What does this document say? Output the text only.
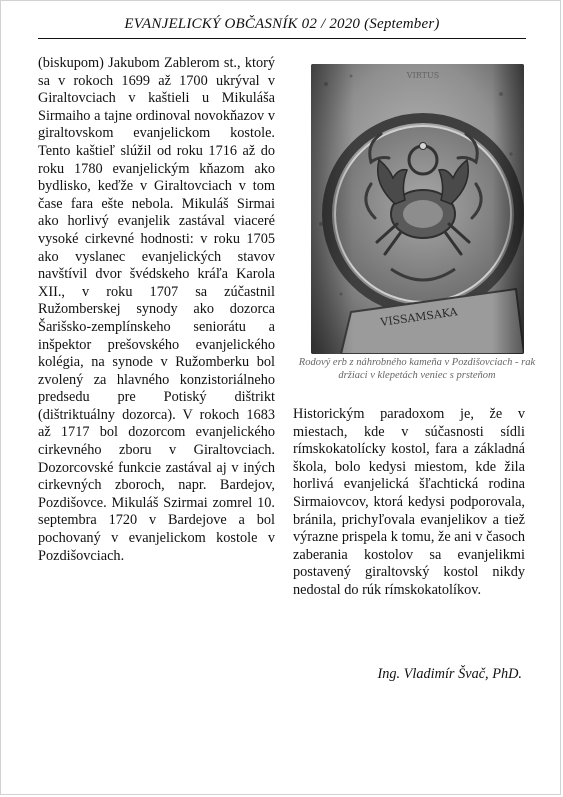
EVANJELICKÝ OBČASNÍK 02 / 2020 (September)

(biskupom) Jakubom Zablerom st., ktorý sa v rokoch 1699 až 1700 ukrýval v Giraltovciach v kaštieli u Mikuláša Sirmaiho a tajne ordinoval novokňazov v giraltovskom evanjelickom kostole. Tento kaštieľ slúžil od roku 1716 až do roku 1780 evanjelickým kňazom ako bydlisko, keďže v Giraltovciach v tom čase fara ešte nebola. Mikuláš Sirmai ako horlivý evanjelik zastával viaceré vysoké cirkevné hodnosti: v roku 1705 ako vyslanec evanjelických stavov navštívil dvor švédskeho kráľa Karola XII., v roku 1707 sa zúčastnil Ružomberskej synody ako dozorca Šarišsko-zemplínskeho seniorátu a inšpektor prešovského evanjelického kolégia, na synode v Ružomberku bol zvolený za hlavného konzistoriálneho predsedu pre Potiský dištrikt (dištriktuálny dozorca). V rokoch 1683 až 1717 bol dozorcom evanjelického cirkevného zboru v Giraltovciach. Dozorcovské funkcie zastával aj v iných cirkevných zboroch, napr. Bardejov, Pozdišovce. Mikuláš Szirmai zomrel 10. septembra 1720 v Bardejove a bol pochovaný v evanjelickom kostole v Pozdišovciach.

Rodový erb z náhrobného kameňa v Pozdišovciach - rak držiaci v klepetách veniec s prsteňom

Historickým paradoxom je, že v miestach, kde v súčasnosti sídli rímskokatolícky kostol, fara a základná škola, bolo kedysi miestom, kde žila horlivá evanjelická šľachtická rodina Sirmaiovcov, ktorá kedysi podporovala, bránila, prichyľovala evanjelikov a tiež výrazne prispela k tomu, že ani v časoch zaberania kostolov sa evanjelikmi postavený giraltovský kostol nikdy nedostal do rúk rímskokatolíkov.

Ing. Vladimír Švač, PhD.
